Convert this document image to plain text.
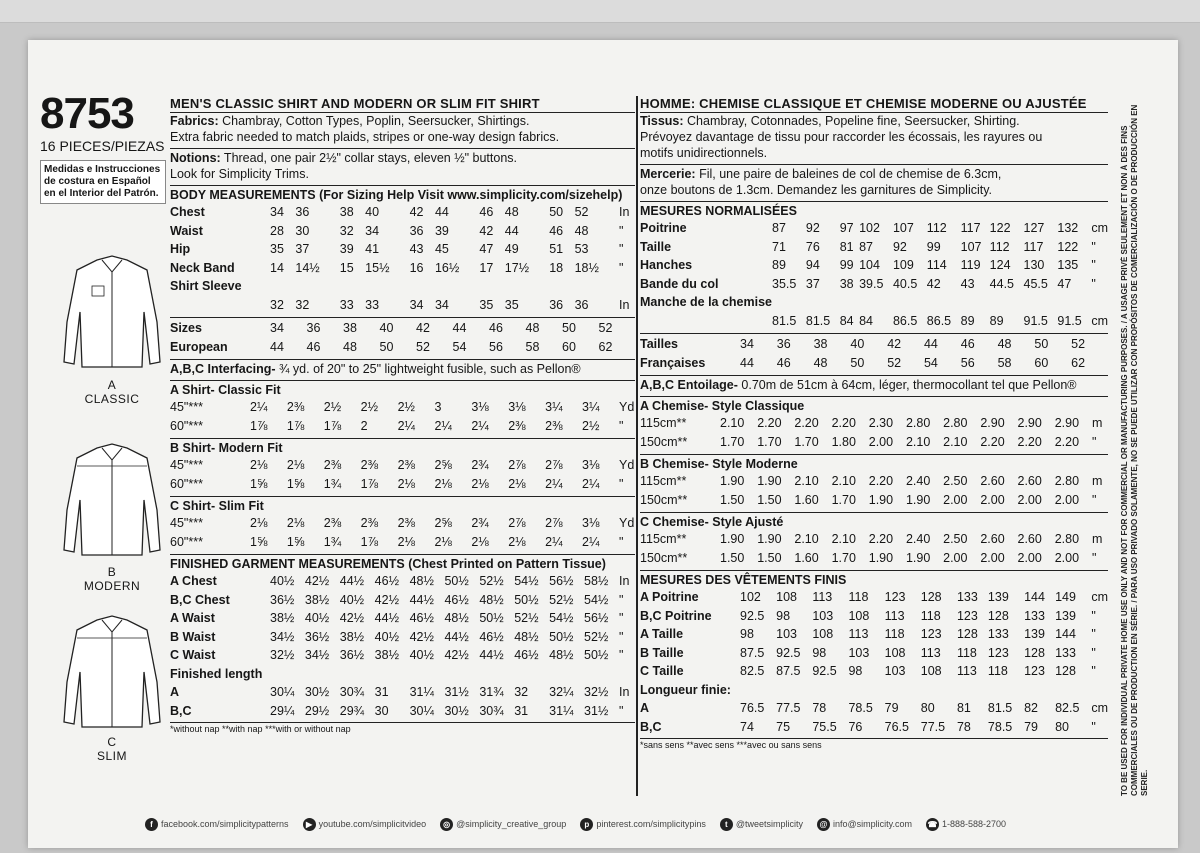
8753
16 PIECES/PIEZAS
Medidas e Instrucciones
de costura en Español
en el Interior del Patrón.
A
CLASSIC
B
MODERN
C
SLIM
MEN'S CLASSIC SHIRT AND MODERN OR SLIM FIT SHIRT
Fabrics: Chambray, Cotton Types, Poplin, Seersucker, Shirtings.
Extra fabric needed to match plaids, stripes or one-way design fabrics.
Notions: Thread, one pair 2½" collar stays, eleven ½" buttons.
Look for Simplicity Trims.
BODY MEASUREMENTS (For Sizing Help Visit www.simplicity.com/sizehelp)
Chest	34	36	38	40	42	44	46	48	50	52	In
Waist	28	30	32	34	36	39	42	44	46	48	"
Hip	35	37	39	41	43	45	47	49	51	53	"
Neck Band	14	14½	15	15½	16	16½	17	17½	18	18½	"
Shirt Sleeve											
	32	32	33	33	34	34	35	35	36	36	In
Sizes	34	36	38	40	42	44	46	48	50	52
European	44	46	48	50	52	54	56	58	60	62
A,B,C Interfacing- ¾ yd. of 20" to 25" lightweight fusible, such as Pellon®
A Shirt- Classic Fit
45"***	2¼	2⅜	2½	2½	2½	3	3⅛	3⅛	3¼	3¼	Yd
60"***	1⅞	1⅞	1⅞	2	2¼	2¼	2¼	2⅜	2⅜	2½	"
B Shirt- Modern Fit
45"***	2⅛	2⅛	2⅜	2⅜	2⅜	2⅝	2¾	2⅞	2⅞	3⅛	Yd
60"***	1⅝	1⅝	1¾	1⅞	2⅛	2⅛	2⅛	2⅛	2¼	2¼	"
C Shirt- Slim Fit
45"***	2⅛	2⅛	2⅜	2⅜	2⅜	2⅝	2¾	2⅞	2⅞	3⅛	Yd
60"***	1⅝	1⅝	1¾	1⅞	2⅛	2⅛	2⅛	2⅛	2¼	2¼	"
FINISHED GARMENT MEASUREMENTS (Chest Printed on Pattern Tissue)
A Chest	40½	42½	44½	46½	48½	50½	52½	54½	56½	58½	In
B,C Chest	36½	38½	40½	42½	44½	46½	48½	50½	52½	54½	"
A Waist	38½	40½	42½	44½	46½	48½	50½	52½	54½	56½	"
B Waist	34½	36½	38½	40½	42½	44½	46½	48½	50½	52½	"
C Waist	32½	34½	36½	38½	40½	42½	44½	46½	48½	50½	"
Finished length											
A	30¼	30½	30¾	31	31¼	31½	31¾	32	32¼	32½	In
B,C	29¼	29½	29¾	30	30¼	30½	30¾	31	31¼	31½	"
*without nap **with nap ***with or without nap
HOMME: CHEMISE CLASSIQUE ET CHEMISE MODERNE OU AJUSTÉE
Tissus: Chambray, Cotonnades, Popeline fine, Seersucker, Shirting.
Prévoyez davantage de tissu pour raccorder les écossais, les rayures ou
motifs unidirectionnels.
Mercerie: Fil, une paire de baleines de col de chemise de 6.3cm,
onze boutons de 1.3cm. Demandez les garnitures de Simplicity.
MESURES NORMALISÉES
Poitrine	87	92	97	102	107	112	117	122	127	132	cm
Taille	71	76	81	87	92	99	107	112	117	122	"
Hanches	89	94	99	104	109	114	119	124	130	135	"
Bande du col	35.5	37	38	39.5	40.5	42	43	44.5	45.5	47	"
Manche de la chemise											
	81.5	81.5	84	84	86.5	86.5	89	89	91.5	91.5	cm
Tailles	34	36	38	40	42	44	46	48	50	52
Françaises	44	46	48	50	52	54	56	58	60	62
A,B,C Entoilage- 0.70m de 51cm à 64cm, léger, thermocollant tel que Pellon®
A Chemise- Style Classique
115cm**	2.10	2.20	2.20	2.20	2.30	2.80	2.80	2.90	2.90	2.90	m
150cm**	1.70	1.70	1.70	1.80	2.00	2.10	2.10	2.20	2.20	2.20	"
B Chemise- Style Moderne
115cm**	1.90	1.90	2.10	2.10	2.20	2.40	2.50	2.60	2.60	2.80	m
150cm**	1.50	1.50	1.60	1.70	1.90	1.90	2.00	2.00	2.00	2.00	"
C Chemise- Style Ajusté
115cm**	1.90	1.90	2.10	2.10	2.20	2.40	2.50	2.60	2.60	2.80	m
150cm**	1.50	1.50	1.60	1.70	1.90	1.90	2.00	2.00	2.00	2.00	"
MESURES DES VÊTEMENTS FINIS
A Poitrine	102	108	113	118	123	128	133	139	144	149	cm
B,C Poitrine	92.5	98	103	108	113	118	123	128	133	139	"
A Taille	98	103	108	113	118	123	128	133	139	144	"
B Taille	87.5	92.5	98	103	108	113	118	123	128	133	"
C Taille	82.5	87.5	92.5	98	103	108	113	118	123	128	"
Longueur finie:											
A	76.5	77.5	78	78.5	79	80	81	81.5	82	82.5	cm
B,C	74	75	75.5	76	76.5	77.5	78	78.5	79	80	"
*sans sens **avec sens ***avec ou sans sens	TO BE USED FOR INDIVIDUAL PRIVATE HOME USE ONLY AND NOT FOR COMMERCIAL OR MANUFACTURING PURPOSES. / A USAGE PRIVÉ SEULEMENT ET NON À DES FINS COMMERCIALES OU DE PRODUCTION EN SÉRIE. / PARA USO PRIVADO SOLAMENTE, NO SE PUEDE UTILIZAR CON PROPÓSITOS DE COMERCIALIZACIÓN O DE PRODUCCIÓN EN SERIE.
f facebook.com/simplicitypatterns	▶ youtube.com/simplicitvideo	◎ @simplicity_creative_group	p pinterest.com/simplicitypins	t @tweetsimplicity	@ info@simplicity.com ☎ 1-888-588-2700
